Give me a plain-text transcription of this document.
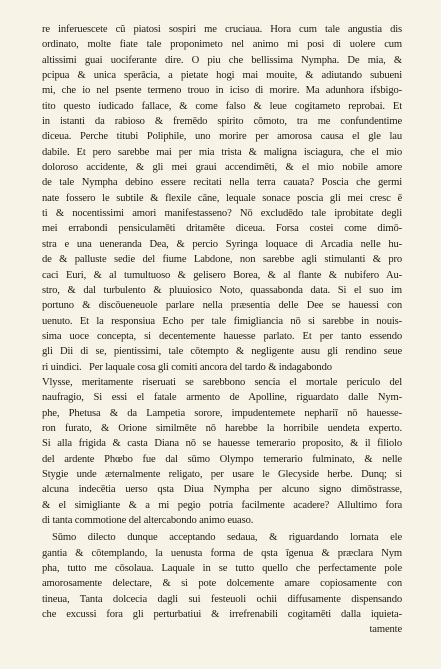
re inferuescete cũ piatosi sospiri me cruciaua. Hora cum tale angustia dis
ordinato, molte fiate tale proponimeto nel animo mi posi di uolere cum
altissimi guai uociferante dire. O piu che bellissima Nympha. De mia, &
pcipua & unica sperācia, a pietate hogi mai mouite, & adiutando subueni
mi, che io nel psente termeno trouo in iciso di morire. Ma adunhora ifsbigo-
tito questo iudicado fallace, & come falso & leue cogitameto reprobai. Et
in istanti da rabioso & fremēdo spirito cōmoto, tra me confundentime
diceua. Perche titubi Poliphile, uno morire per amorosa causa el gle lau
dabile. Et pero sarebbe mai per mia trista & maligna isciagura, che el mio
doloroso accidente, & gli mei graui accendimēti, & el mio nobile amore
de tale Nympha debino essere recitati nella terra cauata? Poscia che germi
nate fossero le subtile & flexile cāne, lequale sonace poscia gli mei cresc ē
ti & nocentissimi amori manifestasseno? Nō excludēdo tale iprobitate degli
mei errabondi pensiculamēti dritamēte diceua. Forsa costei come dimō-
stra e una ueneranda Dea, & percio Syringa loquace di Arcadia nelle hu-
de & palluste sedie del fiume Labdone, non sarebbe agli stimulanti & pro
caci Euri, & al tumultuoso & gelisero Borea, & al flante & nubifero Au-
stro, & dal turbulento & pluuiosico Noto, quassabonda data. Si el suo im
portuno & discōueneuole parlare nella præsentia delle Dee se hauessi con
uenuto. Et la responsiua Echo per tale fimigliancia nō si sarebbe in nouis-
sima uoce concepta, si decentemente hauesse parlato. Et per tanto essendo
gli Dii di se, pientissimi, tale cōtempto & negligente ausu gli rendino seue
ri uindici. Per laquale cosa gli comiti ancora del tardo & indagabondo
Vlysse, meritamente riseruati se sarebbono sencia el mortale periculo del
naufragio, Si essi el fatale armento de Apolline, riguardato dalle Nym-
phe, Phetusa & da Lampetia sorore, impudentemete nephariī nō hauesse-
ron furato, & Orione similmēte nō harebbe la horribile uendeta experto.
Si alla frigida & casta Diana nō se hauesse temerario proposito, & il filiolo
del ardente Phœbo fue dal sūmo Olympo temerario fulminato, & nelle
Stygie unde æternalmente religato, per usare le Glecyside herbe. Dunq; si
alcuna indecētia uerso qsta Diua Nympha per alcuno signo dimōstrasse,
& el simigliante & a mi pegio potria facilmente acadere? Allultimo fora
di tanta commotione del altercabondo animo euaso.
Sūmo dilecto dunque acceptando sedaua, & riguardando lornata ele
gantia & cōtemplando, la uenusta forma de qsta īgenua & præclara Nym
pha, tutto me cōsolaua. Laquale in se tutto quello che perfectamente pole
amorosamente delectare, & si pote dolcemente amare copiosamente con
tineua, Tanta dolcecia dagli sui festeuoli ochii diffusamente dispensando
che excussi fora gli perturbatiui & irrefrenabili cogitamēti dalla iquieta-
tamente
